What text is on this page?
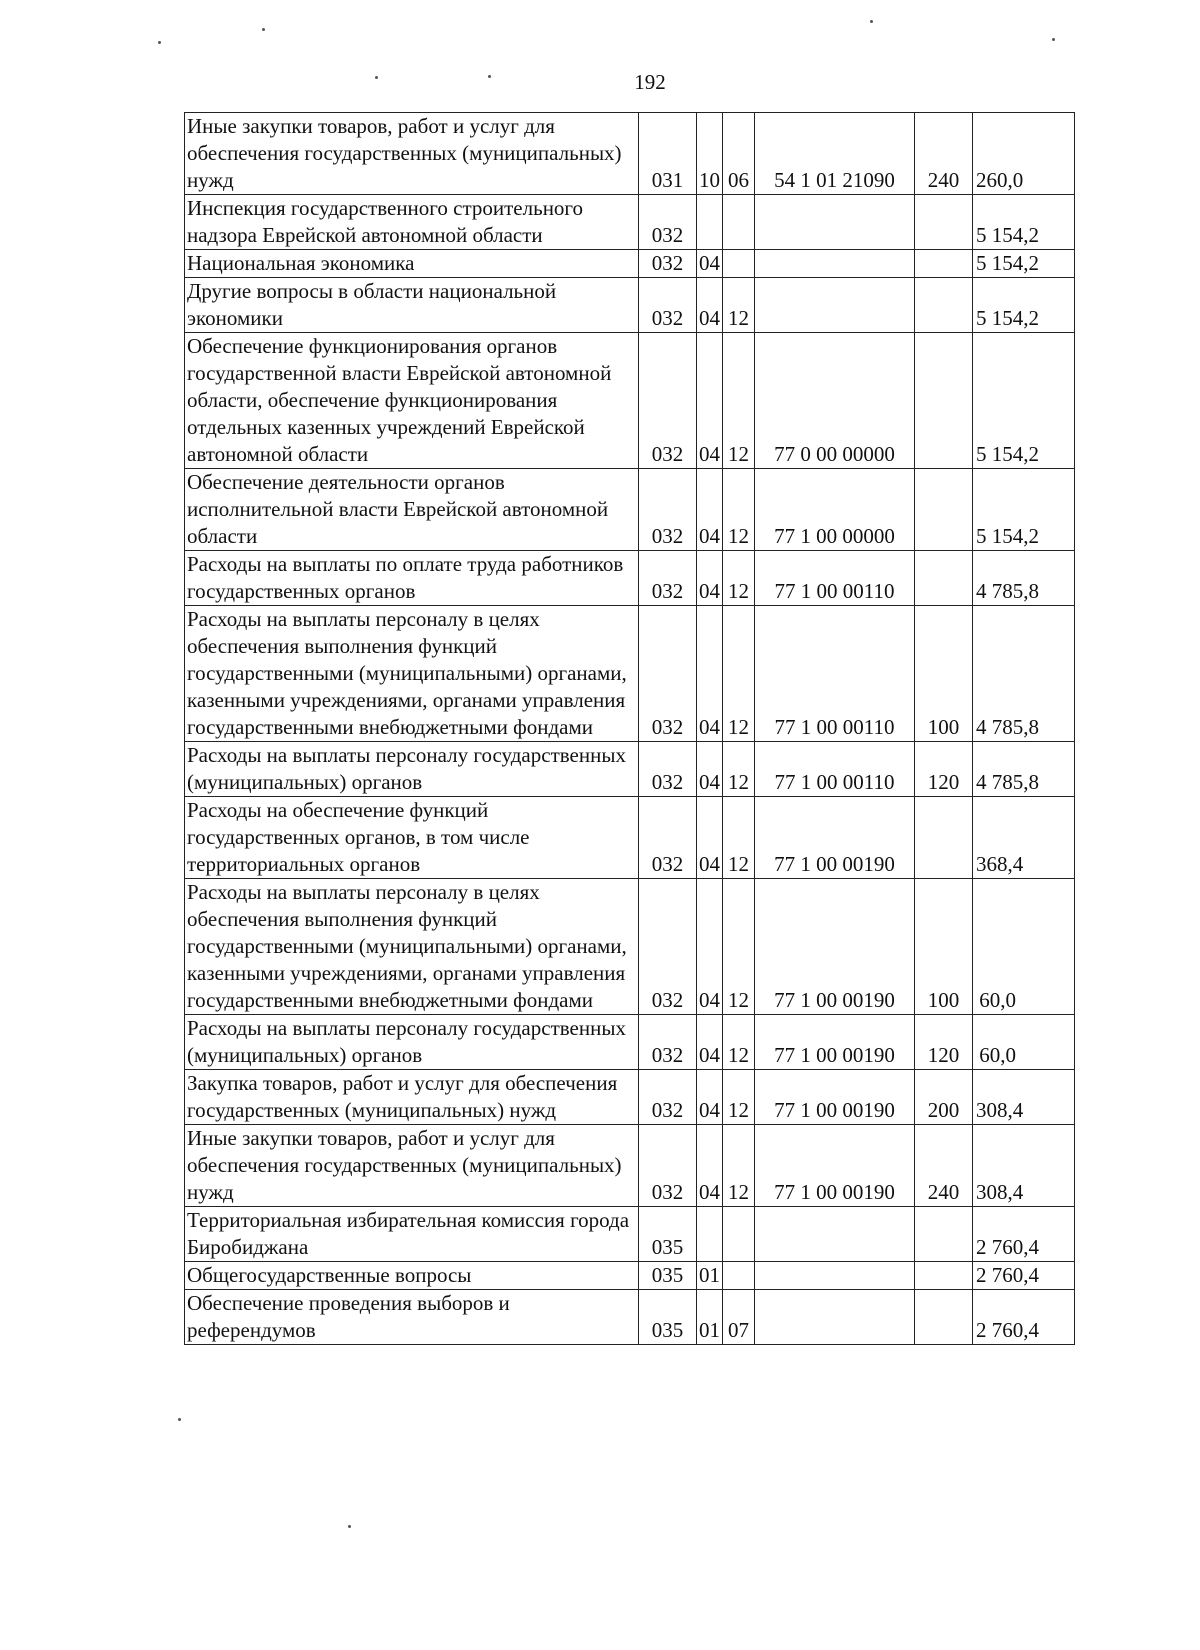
192
Иные закупки товаров, работ и услуг для обеспечения государственных (муниципальных) нужд	031	10	06	54 1 01 21090	240	260,0
Инспекция государственного строительного надзора Еврейской автономной области	032					5 154,2
Национальная экономика	032	04				5 154,2
Другие вопросы в области национальной экономики	032	04	12			5 154,2
Обеспечение функционирования органов государственной власти Еврейской автономной области, обеспечение функционирования отдельных казенных учреждений Еврейской автономной области	032	04	12	77 0 00 00000		5 154,2
Обеспечение деятельности органов исполнительной власти Еврейской автономной области	032	04	12	77 1 00 00000		5 154,2
Расходы на выплаты по оплате труда работников государственных органов	032	04	12	77 1 00 00110		4 785,8
Расходы на выплаты персоналу в целях обеспечения выполнения функций государственными (муниципальными) органами, казенными учреждениями, органами управления государственными внебюджетными фондами	032	04	12	77 1 00 00110	100	4 785,8
Расходы на выплаты персоналу государственных (муниципальных) органов	032	04	12	77 1 00 00110	120	4 785,8
Расходы на обеспечение функций государственных органов, в том числе территориальных органов	032	04	12	77 1 00 00190		368,4
Расходы на выплаты персоналу в целях обеспечения выполнения функций государственными (муниципальными) органами, казенными учреждениями, органами управления государственными внебюджетными фондами	032	04	12	77 1 00 00190	100	60,0
Расходы на выплаты персоналу государственных (муниципальных) органов	032	04	12	77 1 00 00190	120	60,0
Закупка товаров, работ и услуг для обеспечения государственных (муниципальных) нужд	032	04	12	77 1 00 00190	200	308,4
Иные закупки товаров, работ и услуг для обеспечения государственных (муниципальных) нужд	032	04	12	77 1 00 00190	240	308,4
Территориальная избирательная комиссия города Биробиджана	035					2 760,4
Общегосударственные вопросы	035	01				2 760,4
Обеспечение проведения выборов и референдумов	035	01	07			2 760,4
